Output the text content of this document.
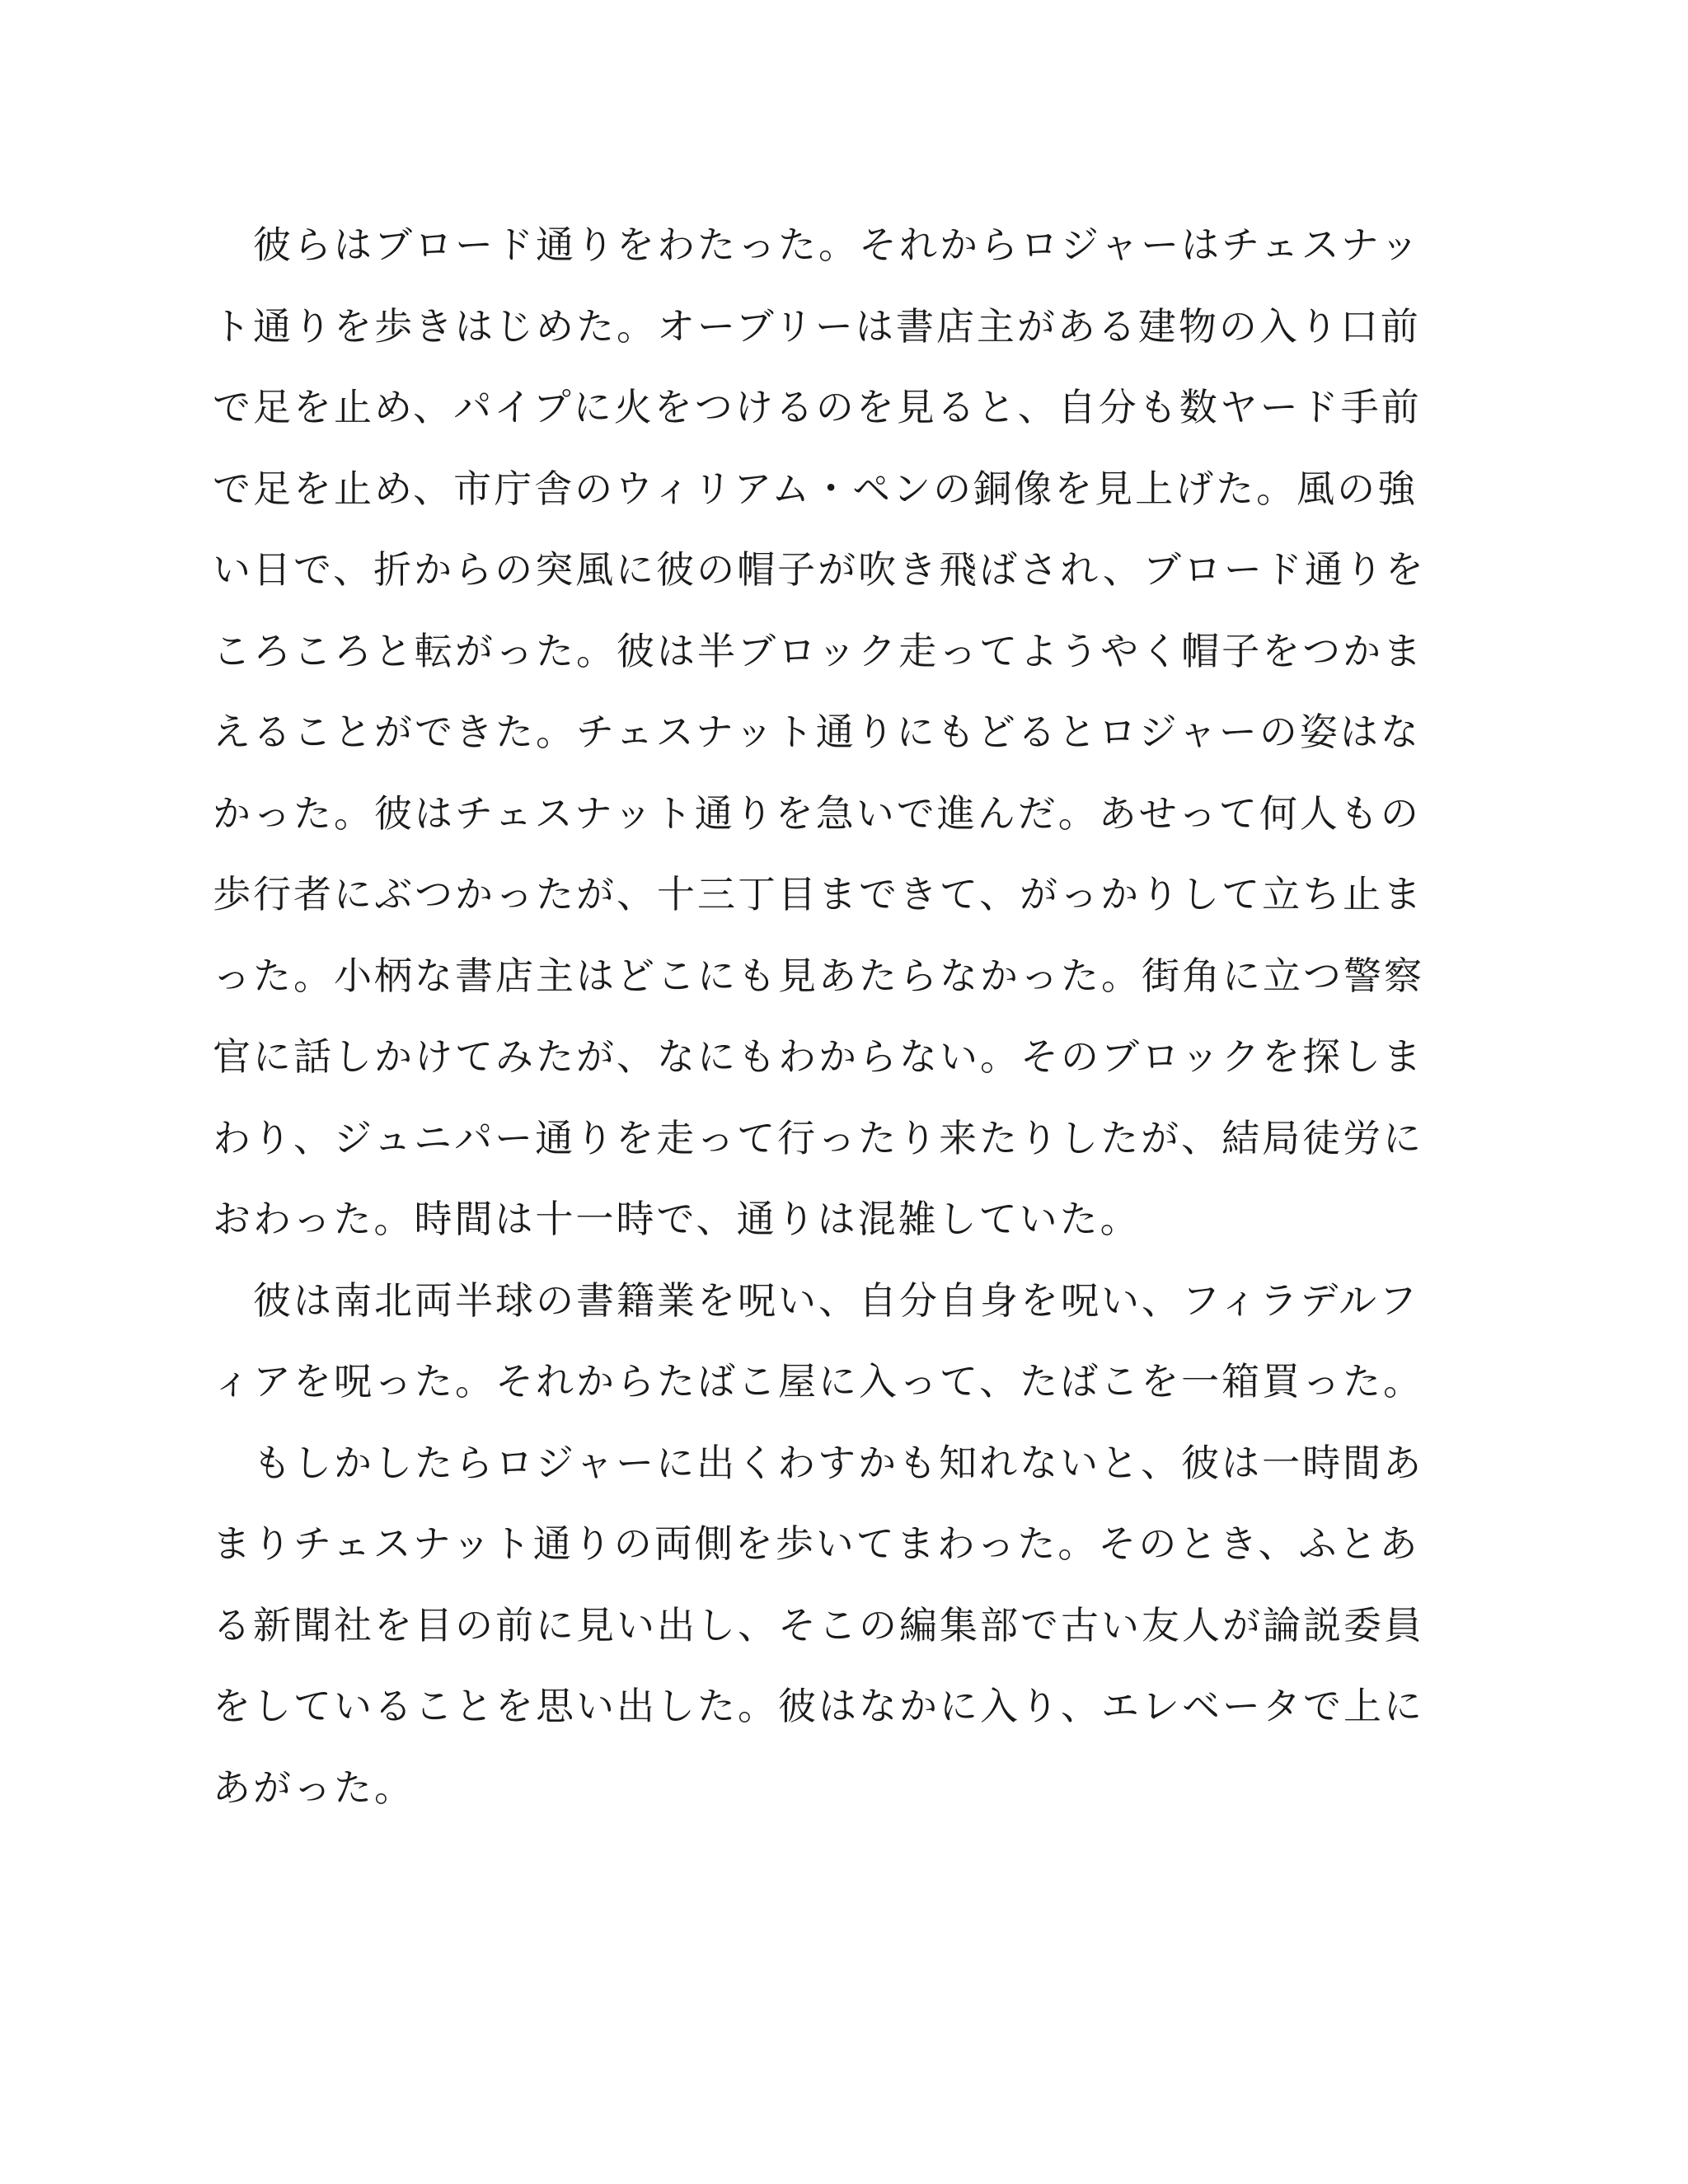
　彼らはブロード通りをわたった。それからロジャーはチェスナッ
ト通りを歩きはじめた。オーブリーは書店主がある建物の入り口前
で足を止め、パイプに火をつけるのを見ると、自分も数ヤード手前
で足を止め、市庁舎のウィリアム・ペンの銅像を見上げた。風の強
い日で、折からの突風に彼の帽子が吹き飛ばされ、ブロード通りを
ころころと転がった。彼は半ブロック走ってようやく帽子をつかま
えることができた。チェスナット通りにもどるとロジャーの姿はな
かった。彼はチェスナット通りを急いで進んだ。あせって何人もの
歩行者にぶつかったが、十三丁目まできて、がっかりして立ち止ま
った。小柄な書店主はどこにも見あたらなかった。街角に立つ警察
官に話しかけてみたが、なにもわからない。そのブロックを探しま
わり、ジュニパー通りを走って行ったり来たりしたが、結局徒労に
おわった。時間は十一時で、通りは混雑していた。
　彼は南北両半球の書籍業を呪い、自分自身を呪い、フィラデルフ
ィアを呪った。それからたばこ屋に入って、たばこを一箱買った。
　もしかしたらロジャーに出くわすかも知れないと、彼は一時間あ
まりチェスナット通りの両側を歩いてまわった。そのとき、ふとあ
る新聞社を目の前に見い出し、そこの編集部で古い友人が論説委員
をしていることを思い出した。彼はなかに入り、エレベータで上に
あがった。
